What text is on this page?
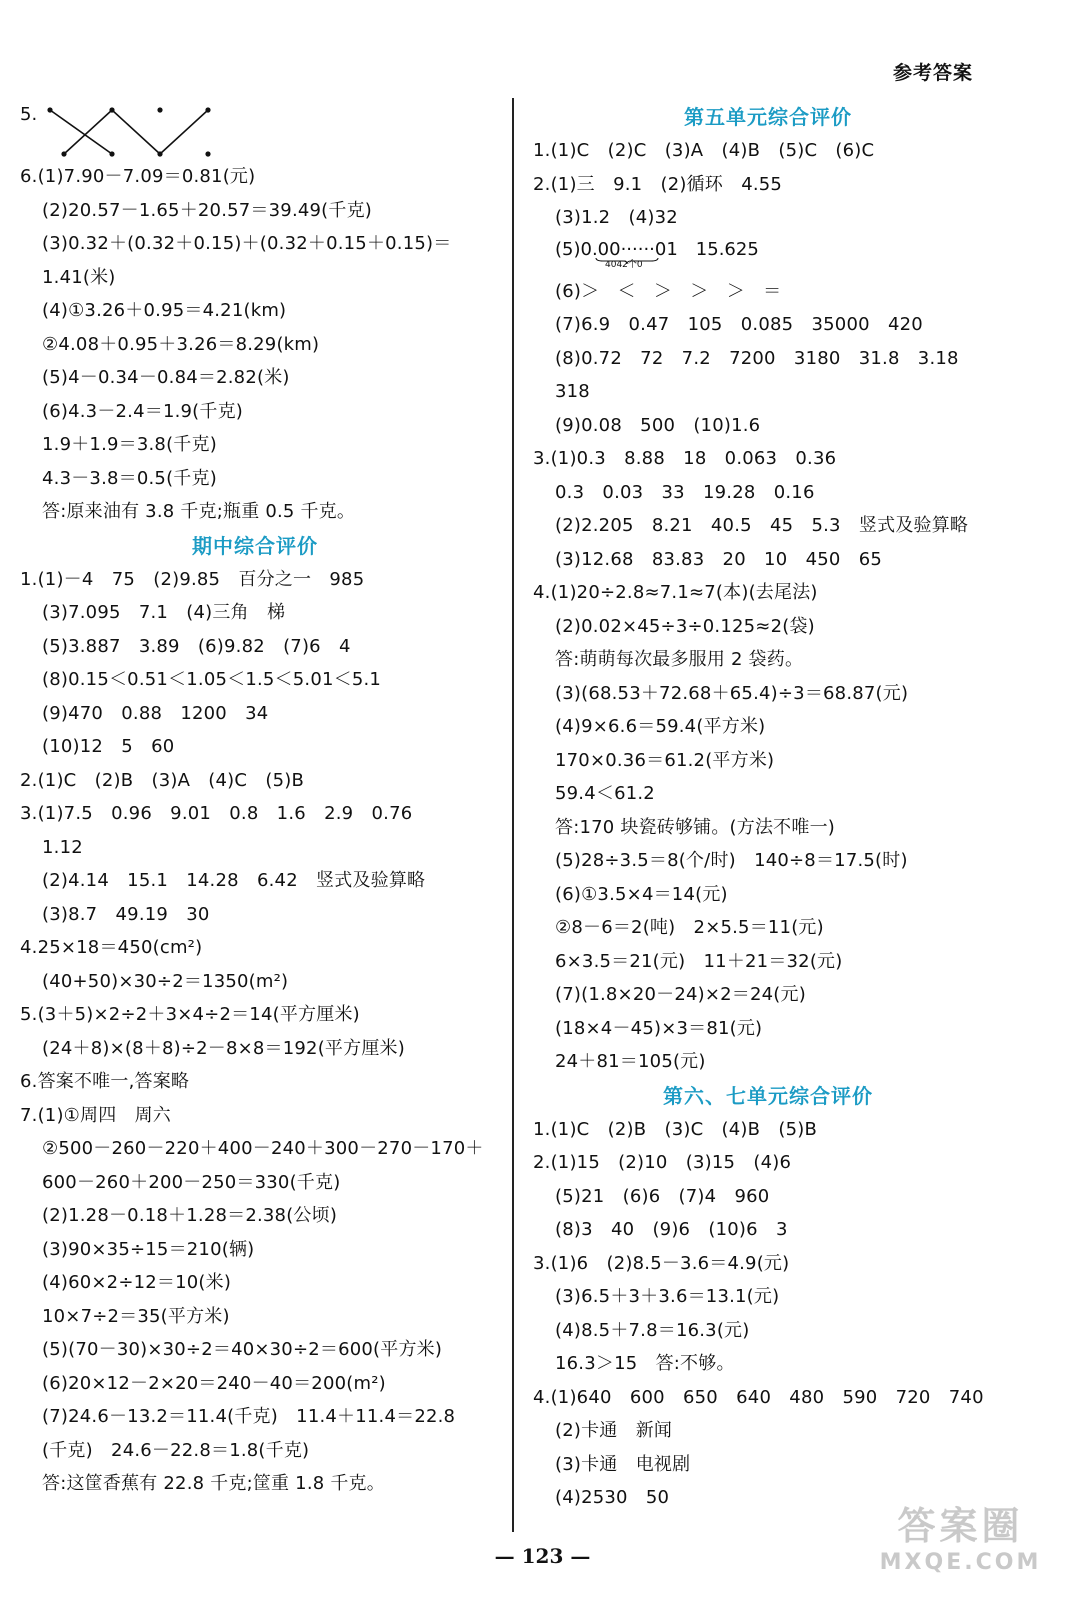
参考答案
5.
6.(1)7.90－7.09＝0.81(元)
(2)20.57－1.65＋20.57＝39.49(千克)
(3)0.32＋(0.32＋0.15)＋(0.32＋0.15＋0.15)＝
1.41(米)
(4)①3.26＋0.95＝4.21(km)
②4.08＋0.95＋3.26＝8.29(km)
(5)4－0.34－0.84＝2.82(米)
(6)4.3－2.4＝1.9(千克)
1.9＋1.9＝3.8(千克)
4.3－3.8＝0.5(千克)
答:原来油有 3.8 千克;瓶重 0.5 千克。
期中综合评价
1.(1)－4　75　(2)9.85　百分之一　985
(3)7.095　7.1　(4)三角　梯
(5)3.887　3.89　(6)9.82　(7)6　4
(8)0.15＜0.51＜1.05＜1.5＜5.01＜5.1
(9)470　0.88　1200　34
(10)12　5　60
2.(1)C　(2)B　(3)A　(4)C　(5)B
3.(1)7.5　0.96　9.01　0.8　1.6　2.9　0.76
1.12
(2)4.14　15.1　14.28　6.42　竖式及验算略
(3)8.7　49.19　30
4.25×18＝450(cm²)
(40+50)×30÷2＝1350(m²)
5.(3＋5)×2÷2＋3×4÷2＝14(平方厘米)
(24＋8)×(8＋8)÷2－8×8＝192(平方厘米)
6.答案不唯一,答案略
7.(1)①周四　周六
②500－260－220＋400－240＋300－270－170＋
600－260＋200－250＝330(千克)
(2)1.28－0.18＋1.28＝2.38(公顷)
(3)90×35÷15＝210(辆)
(4)60×2÷12＝10(米)
10×7÷2＝35(平方米)
(5)(70－30)×30÷2＝40×30÷2＝600(平方米)
(6)20×12－2×20＝240－40＝200(m²)
(7)24.6－13.2＝11.4(千克)　11.4＋11.4＝22.8
(千克)　24.6－22.8＝1.8(千克)
答:这筐香蕉有 22.8 千克;筐重 1.8 千克。
第五单元综合评价
1.(1)C　(2)C　(3)A　(4)B　(5)C　(6)C
2.(1)三　9.1　(2)循环　4.55
(3)1.2　(4)32
(5)0.00······01　15.625
4042个0
(6)＞　＜　＞　＞　＞　＝
(7)6.9　0.47　105　0.085　35000　420
(8)0.72　72　7.2　7200　3180　31.8　3.18
318
(9)0.08　500　(10)1.6
3.(1)0.3　8.88　18　0.063　0.36
0.3　0.03　33　19.28　0.16
(2)2.205　8.21　40.5　45　5.3　竖式及验算略
(3)12.68　83.83　20　10　450　65
4.(1)20÷2.8≈7.1≈7(本)(去尾法)
(2)0.02×45÷3÷0.125≈2(袋)
答:萌萌每次最多服用 2 袋药。
(3)(68.53＋72.68＋65.4)÷3＝68.87(元)
(4)9×6.6＝59.4(平方米)
170×0.36＝61.2(平方米)
59.4＜61.2
答:170 块瓷砖够铺。(方法不唯一)
(5)28÷3.5＝8(个/时)　140÷8＝17.5(时)
(6)①3.5×4＝14(元)
②8－6＝2(吨)　2×5.5＝11(元)
6×3.5＝21(元)　11＋21＝32(元)
(7)(1.8×20－24)×2＝24(元)
(18×4－45)×3＝81(元)
24＋81＝105(元)
第六、七单元综合评价
1.(1)C　(2)B　(3)C　(4)B　(5)B
2.(1)15　(2)10　(3)15　(4)6
(5)21　(6)6　(7)4　960
(8)3　40　(9)6　(10)6　3
3.(1)6　(2)8.5－3.6＝4.9(元)
(3)6.5＋3＋3.6＝13.1(元)
(4)8.5＋7.8＝16.3(元)
16.3＞15　答:不够。
4.(1)640　600　650　640　480　590　720　740
(2)卡通　新闻
(3)卡通　电视剧
(4)2530　50
— 123 —
答案圈
MXQE.COM
